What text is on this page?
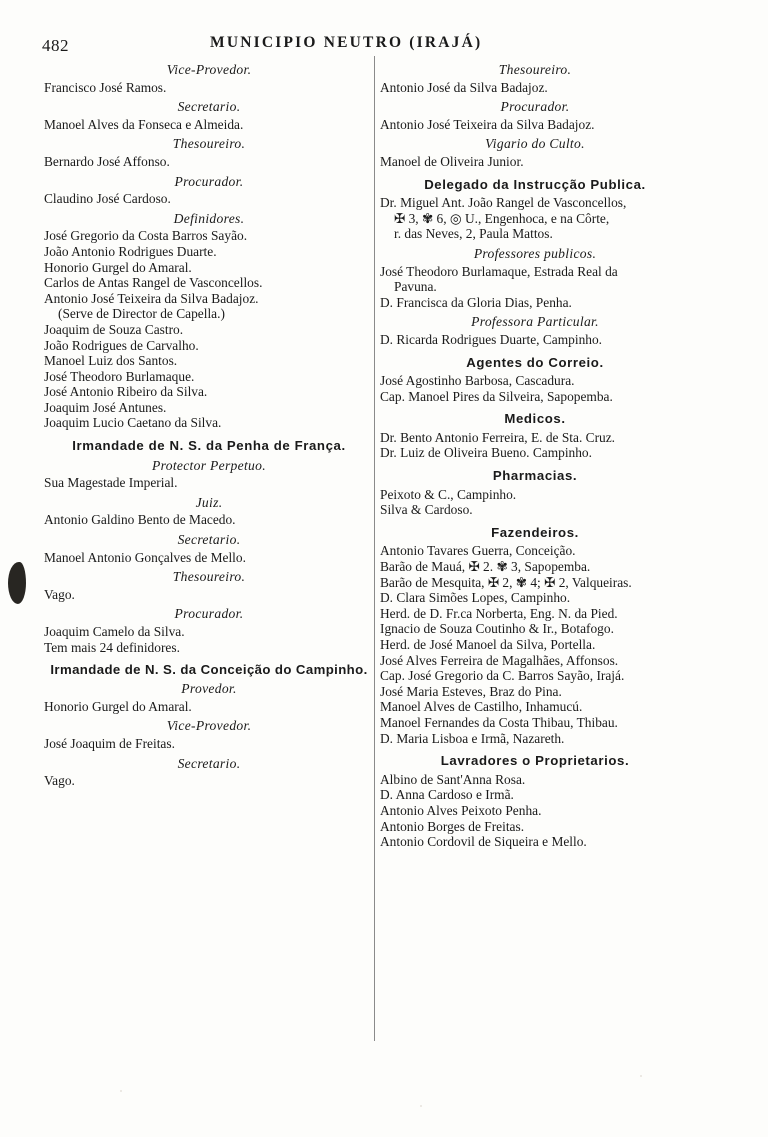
482	MUNICIPIO NEUTRO (IRAJÁ)
Vice-Provedor.
Francisco José Ramos.
Secretario.
Manoel Alves da Fonseca e Almeida.
Thesoureiro.
Bernardo José Affonso.
Procurador.
Claudino José Cardoso.
Definidores.
José Gregorio da Costa Barros Sayão.
João Antonio Rodrigues Duarte.
Honorio Gurgel do Amaral.
Carlos de Antas Rangel de Vasconcellos.
Antonio José Teixeira da Silva Badajoz.
(Serve de Director de Capella.)
Joaquim de Souza Castro.
João Rodrigues de Carvalho.
Manoel Luiz dos Santos.
José Theodoro Burlamaque.
José Antonio Ribeiro da Silva.
Joaquim José Antunes.
Joaquim Lucio Caetano da Silva.
Irmandade de N. S. da Penha de França.
Protector Perpetuo.
Sua Magestade Imperial.
Juiz.
Antonio Galdino Bento de Macedo.
Secretario.
Manoel Antonio Gonçalves de Mello.
Thesoureiro.
Vago.
Procurador.
Joaquim Camelo da Silva.
Tem mais 24 definidores.
Irmandade de N. S. da Conceição do Campinho.
Provedor.
Honorio Gurgel do Amaral.
Vice-Provedor.
José Joaquim de Freitas.
Secretario.
Vago.
Thesoureiro.
Antonio José da Silva Badajoz.
Procurador.
Antonio José Teixeira da Silva Badajoz.
Vigario do Culto.
Manoel de Oliveira Junior.
Delegado da Instrucção Publica.
Dr. Miguel Ant. João Rangel de Vasconcellos,
✠ 3, ✾ 6, ◎ U., Engenhoca, e na Côrte,
r. das Neves, 2, Paula Mattos.
Professores publicos.
José Theodoro Burlamaque, Estrada Real da
Pavuna.
D. Francisca da Gloria Dias, Penha.
Professora Particular.
D. Ricarda Rodrigues Duarte, Campinho.
Agentes do Correio.
José Agostinho Barbosa, Cascadura.
Cap. Manoel Pires da Silveira, Sapopemba.
Medicos.
Dr. Bento Antonio Ferreira, E. de Sta. Cruz.
Dr. Luiz de Oliveira Bueno. Campinho.
Pharmacias.
Peixoto & C., Campinho.
Silva & Cardoso.
Fazendeiros.
Antonio Tavares Guerra, Conceição.
Barão de Mauá, ✠ 2. ✾ 3, Sapopemba.
Barão de Mesquita, ✠ 2, ✾ 4; ✠ 2, Valqueiras.
D. Clara Simões Lopes, Campinho.
Herd. de D. Fr.ca Norberta, Eng. N. da Pied.
Ignacio de Souza Coutinho & Ir., Botafogo.
Herd. de José Manoel da Silva, Portella.
José Alves Ferreira de Magalhães, Affonsos.
Cap. José Gregorio da C. Barros Sayão, Irajá.
José Maria Esteves, Braz do Pina.
Manoel Alves de Castilho, Inhamucú.
Manoel Fernandes da Costa Thibau, Thibau.
D. Maria Lisboa e Irmã, Nazareth.
Lavradores o Proprietarios.
Albino de Sant'Anna Rosa.
D. Anna Cardoso e Irmã.
Antonio Alves Peixoto Penha.
Antonio Borges de Freitas.
Antonio Cordovil de Siqueira e Mello.
